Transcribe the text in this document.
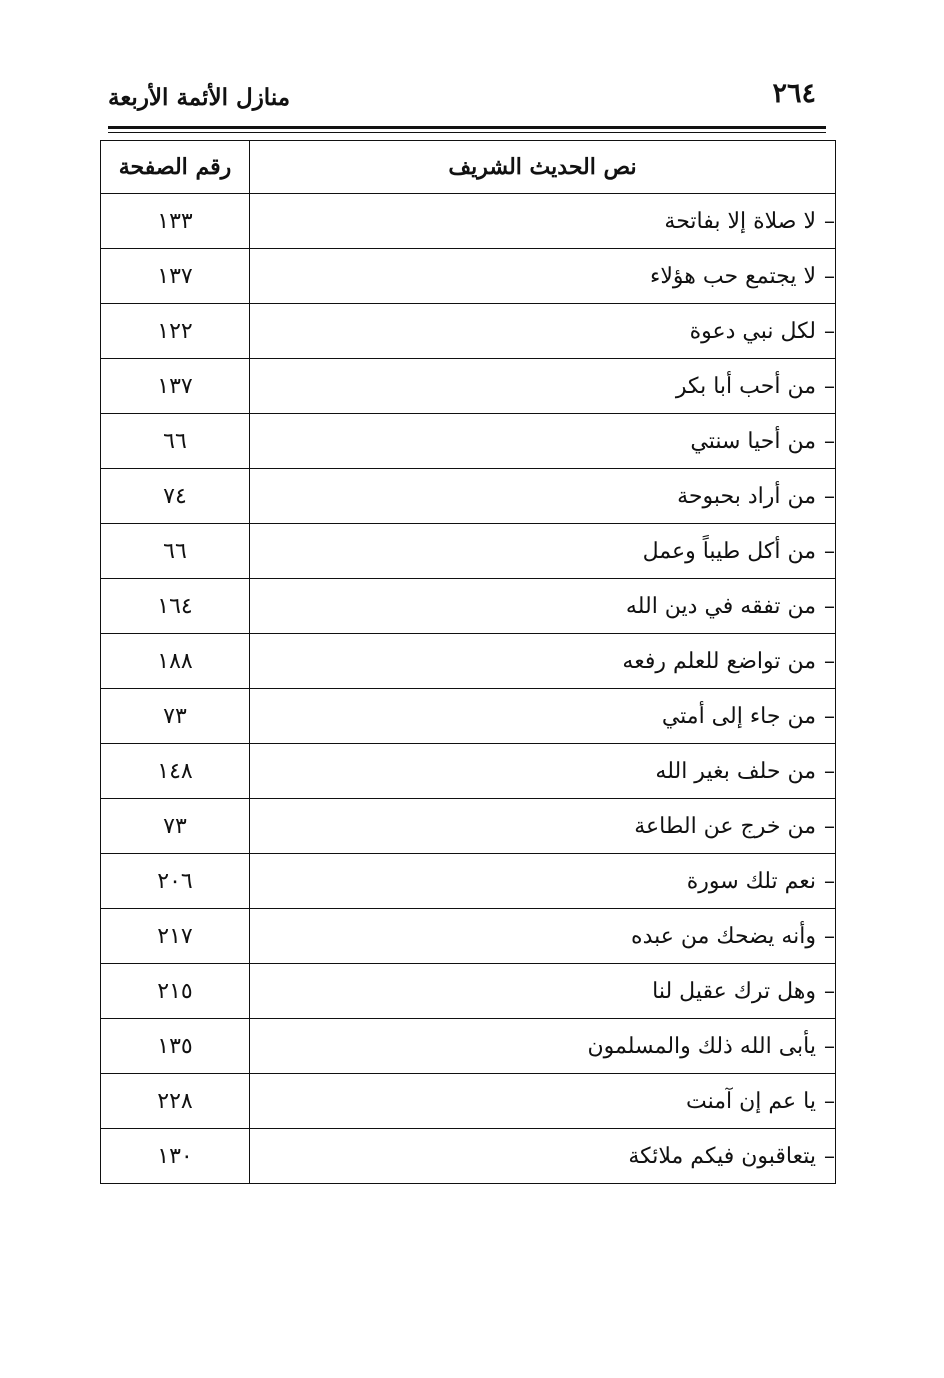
٢٦٤
منازل الأئمة الأربعة
نص الحديث الشريف	رقم الصفحة
–لا صلاة إلا بفاتحة	١٣٣
–لا يجتمع حب هؤلاء	١٣٧
–لكل نبي دعوة	١٢٢
–من أحب أبا بكر	١٣٧
–من أحيا سنتي	٦٦
–من أراد بحبوحة	٧٤
–من أكل طيباً وعمل	٦٦
–من تفقه في دين الله	١٦٤
–من تواضع للعلم رفعه	١٨٨
–من جاء إلى أمتي	٧٣
–من حلف بغير الله	١٤٨
–من خرج عن الطاعة	٧٣
–نعم تلك سورة	٢٠٦
–وأنه يضحك من عبده	٢١٧
–وهل ترك عقيل لنا	٢١٥
–يأبى الله ذلك والمسلمون	١٣٥
–يا عم إن آمنت	٢٢٨
–يتعاقبون فيكم ملائكة	١٣٠
